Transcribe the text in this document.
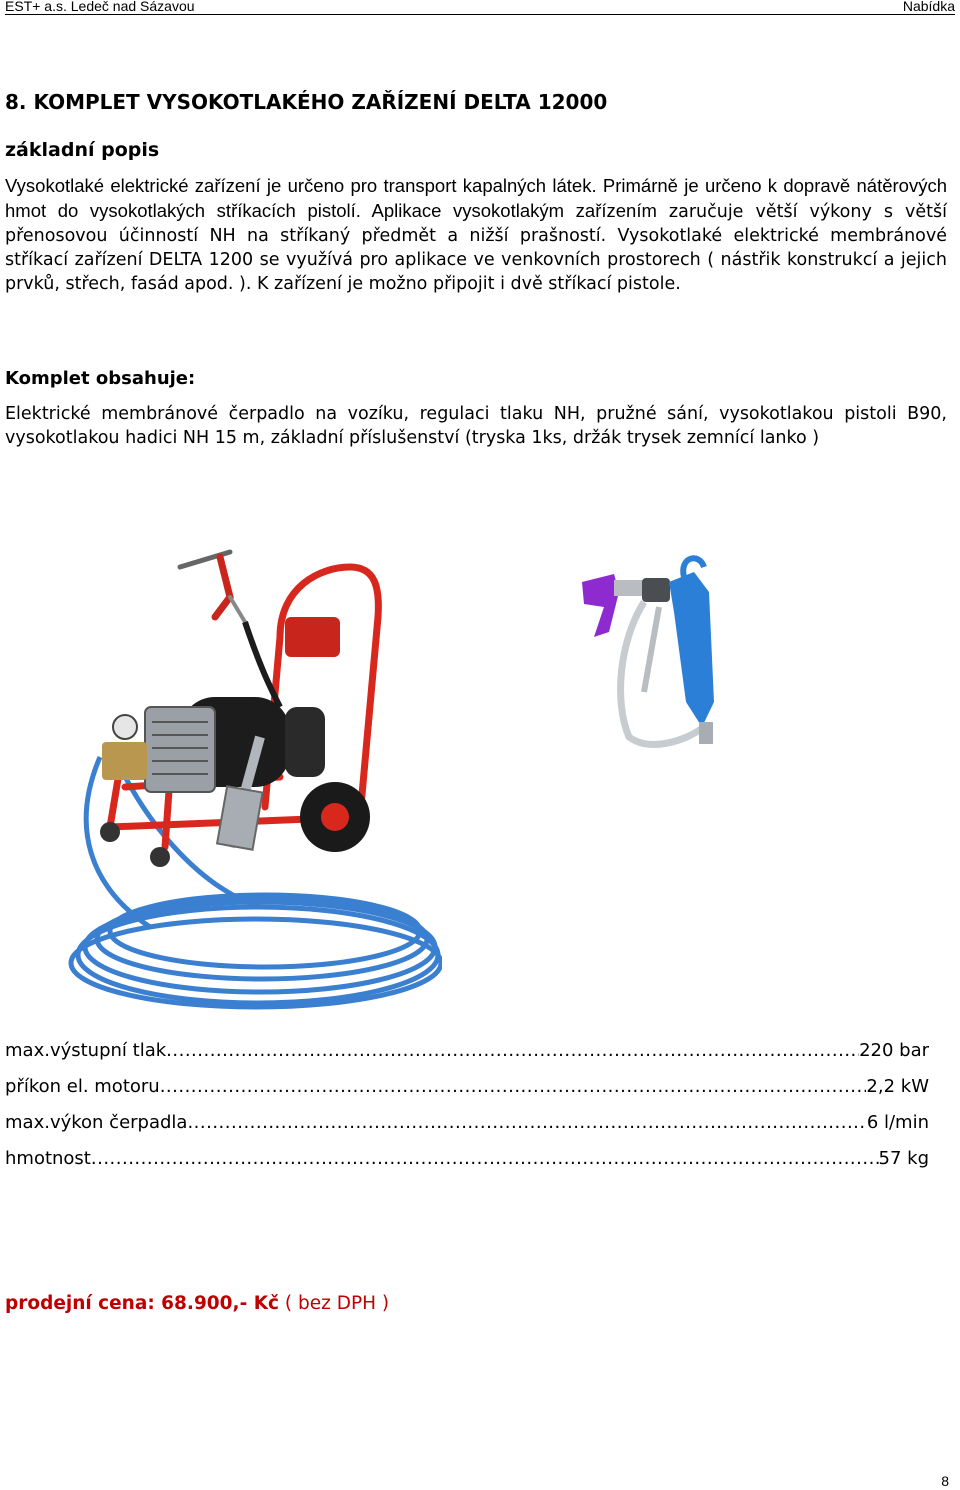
EST+ a.s. Ledeč nad Sázavou	Nabídka
8. KOMPLET VYSOKOTLAKÉHO ZAŘÍZENÍ DELTA 12000
základní popis

Vysokotlaké elektrické zařízení je určeno pro transport kapalných látek. Primárně je určeno k dopravě nátěrových hmot do vysokotlakých stříkacích pistolí. Aplikace vysokotlakým zařízením zaručuje větší výkony s větší přenosovou účinností NH na stříkaný předmět a nižší prašností. Vysokotlaké elektrické membránové stříkací zařízení DELTA 1200 se využívá pro aplikace ve venkovních prostorech ( nástřik konstrukcí a jejich prvků, střech, fasád apod. ). K zařízení je možno připojit i dvě stříkací pistole.

Komplet obsahuje:

Elektrické membránové čerpadlo na vozíku, regulaci tlaku NH, pružné sání, vysokotlakou pistoli B90, vysokotlakou hadici NH 15 m, základní příslušenství (tryska 1ks, držák trysek zemnící lanko )

max.výstupní tlak .....	220 bar
příkon el. motoru .....	2,2 kW
max.výkon čerpadla .....	6 l/min
hmotnost .....	57 kg

prodejní cena: 68.900,- Kč ( bez DPH )

8
